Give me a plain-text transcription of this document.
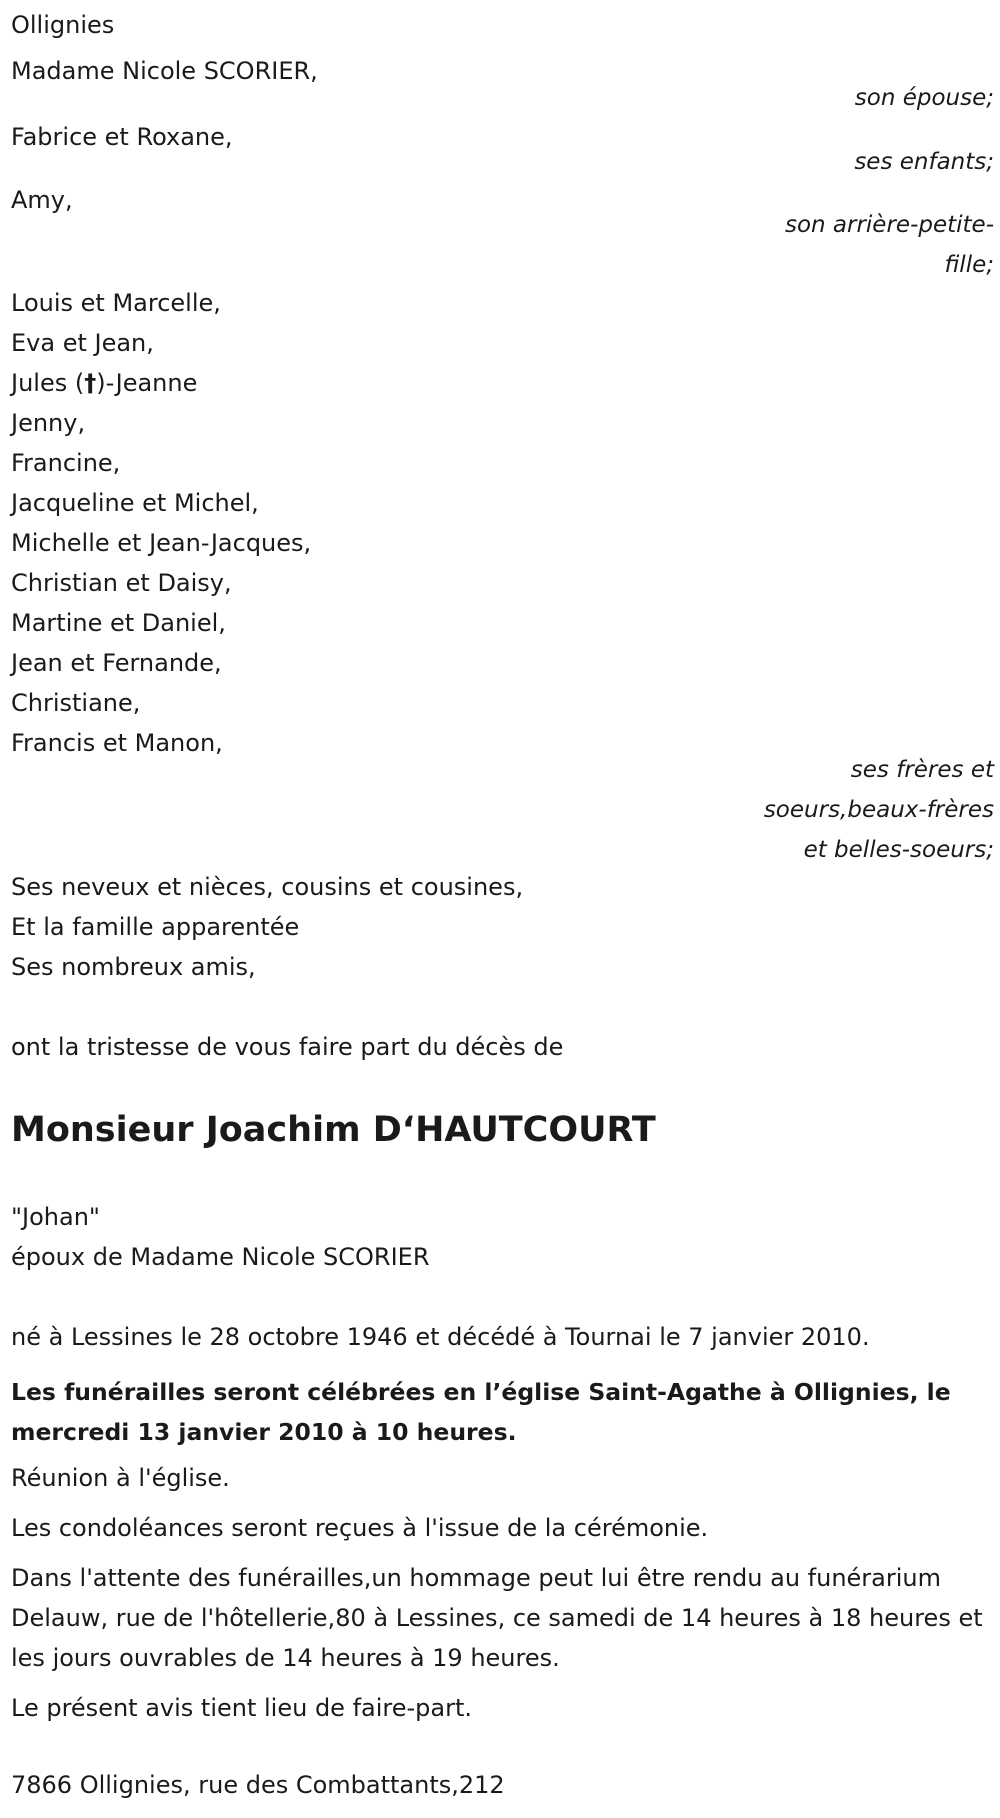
Ollignies
Madame Nicole SCORIER,
son épouse;
Fabrice et Roxane,
ses enfants;
Amy,
son arrière-petite-
fille;
Louis et Marcelle,
Eva et Jean,
Jules (†)-Jeanne
Jenny,
Francine,
Jacqueline et Michel,
Michelle et Jean-Jacques,
Christian et Daisy,
Martine et Daniel,
Jean et Fernande,
Christiane,
Francis et Manon,
ses frères et
soeurs,beaux-frères
et belles-soeurs;
Ses neveux et nièces, cousins et cousines,
Et la famille apparentée
Ses nombreux amis,
ont la tristesse de vous faire part du décès de
Monsieur Joachim D‘HAUTCOURT
"Johan"
époux de Madame Nicole SCORIER
né à Lessines le 28 octobre 1946 et décédé à Tournai le 7 janvier 2010.
Les funérailles seront célébrées en l’église Saint-Agathe à Ollignies, le mercredi 13 janvier 2010 à 10 heures.
Réunion à l'église.
Les condoléances seront reçues à l'issue de la cérémonie.
Dans l'attente des funérailles,un hommage peut lui être rendu au funérarium Delauw, rue de l'hôtellerie,80 à Lessines, ce samedi de 14 heures à 18 heures et les jours ouvrables de 14 heures à 19 heures.
Le présent avis tient lieu de faire-part.
7866 Ollignies, rue des Combattants,212
